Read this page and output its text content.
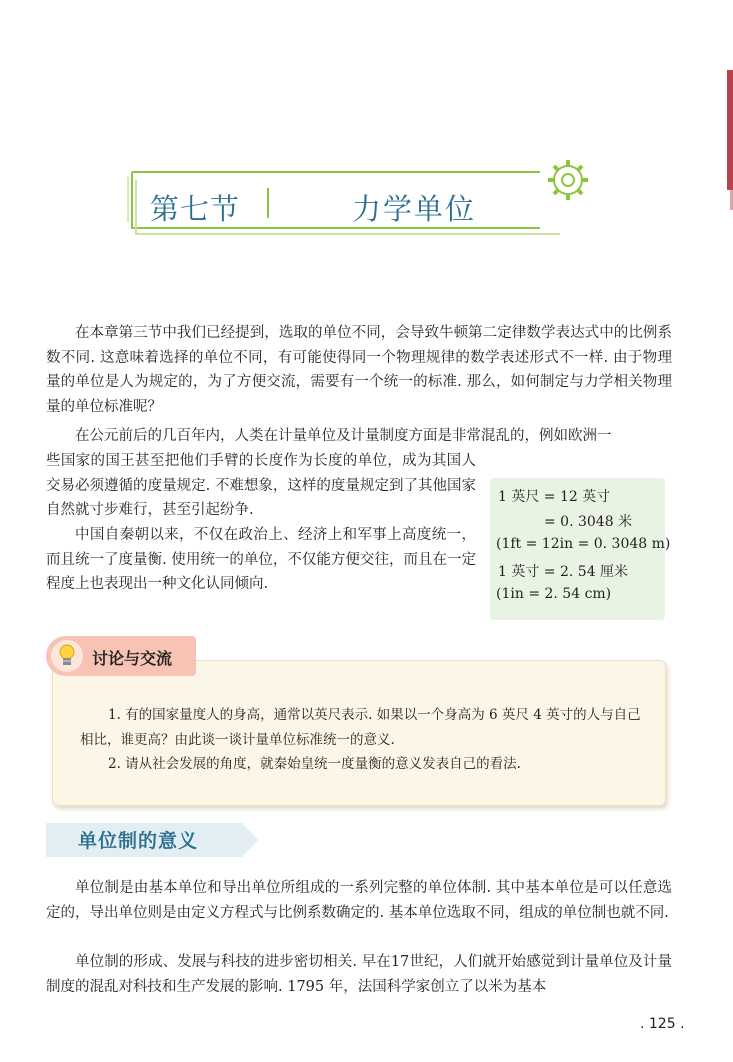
第七节	力学单位

在本章第三节中我们已经提到，选取的单位不同，会导致牛顿第二定律数学表达式中的比例系数不同. 这意味着选择的单位不同，有可能使得同一个物理规律的数学表述形式不一样. 由于物理量的单位是人为规定的，为了方便交流，需要有一个统一的标准. 那么，如何制定与力学相关物理量的单位标准呢？

在公元前后的几百年内，人类在计量单位及计量制度方面是非常混乱的，例如欧洲一

些国家的国王甚至把他们手臂的长度作为长度的单位，成为其国人交易必须遵循的度量规定. 不难想象，这样的度量规定到了其他国家自然就寸步难行，甚至引起纷争.

中国自秦朝以来，不仅在政治上、经济上和军事上高度统一，而且统一了度量衡. 使用统一的单位，不仅能方便交往，而且在一定程度上也表现出一种文化认同倾向.

1 英尺 = 12 英寸
= 0. 3048 米
(1ft = 12in = 0. 3048 m)
1 英寸 = 2. 54 厘米
(1in = 2. 54 cm)
讨论与交流

1. 有的国家量度人的身高，通常以英尺表示. 如果以一个身高为 6 英尺 4 英寸的人与自己相比，谁更高？由此谈一谈计量单位标准统一的意义.

2. 请从社会发展的角度，就秦始皇统一度量衡的意义发表自己的看法.

单位制的意义

单位制是由基本单位和导出单位所组成的一系列完整的单位体制. 其中基本单位是可以任意选定的，导出单位则是由定义方程式与比例系数确定的. 基本单位选取不同，组成的单位制也就不同.

单位制的形成、发展与科技的进步密切相关. 早在17世纪，人们就开始感觉到计量单位及计量制度的混乱对科技和生产发展的影响. 1795 年，法国科学家创立了以米为基本

. 125 .
